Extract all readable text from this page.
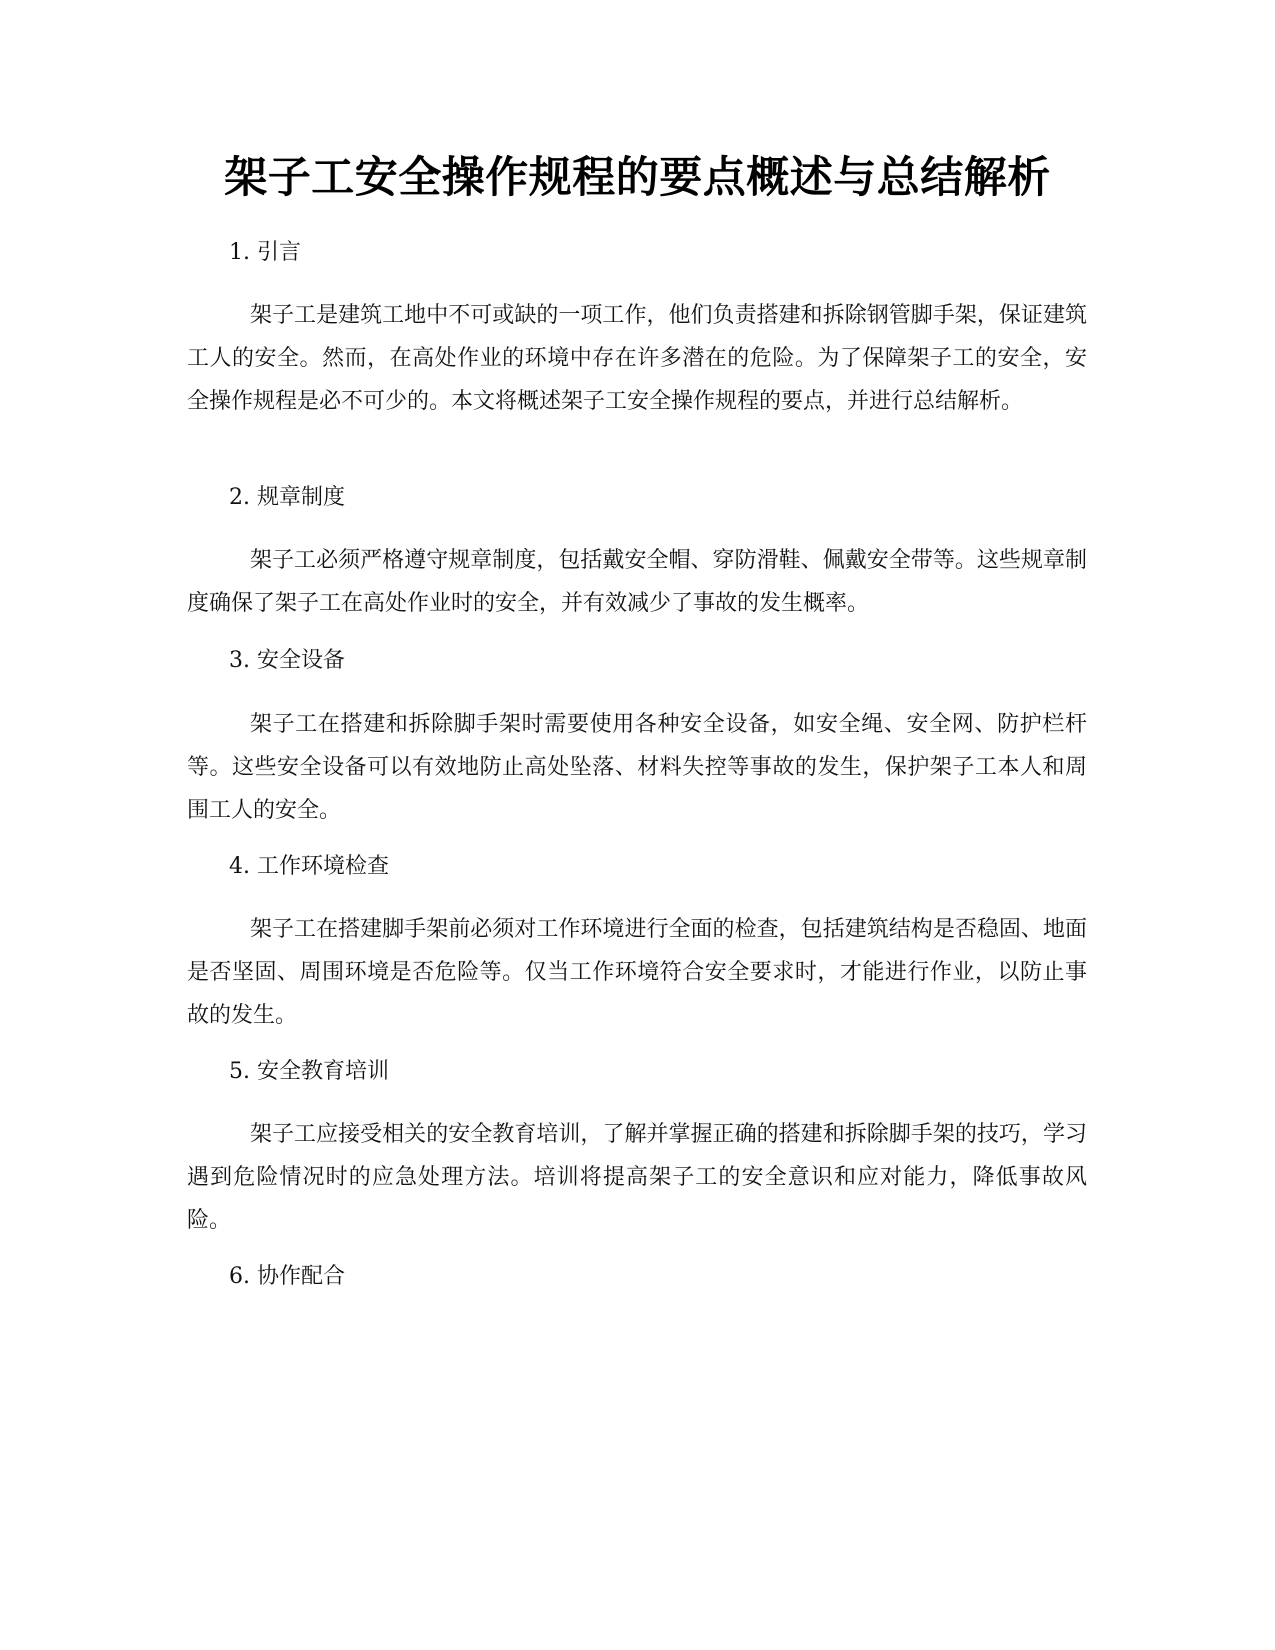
架子工安全操作规程的要点概述与总结解析
1. 引言
架子工是建筑工地中不可或缺的一项工作，他们负责搭建和拆除钢管脚手架，保证建筑工人的安全。然而，在高处作业的环境中存在许多潜在的危险。为了保障架子工的安全，安全操作规程是必不可少的。本文将概述架子工安全操作规程的要点，并进行总结解析。
2. 规章制度
架子工必须严格遵守规章制度，包括戴安全帽、穿防滑鞋、佩戴安全带等。这些规章制度确保了架子工在高处作业时的安全，并有效减少了事故的发生概率。
3. 安全设备
架子工在搭建和拆除脚手架时需要使用各种安全设备，如安全绳、安全网、防护栏杆等。这些安全设备可以有效地防止高处坠落、材料失控等事故的发生，保护架子工本人和周围工人的安全。
4. 工作环境检查
架子工在搭建脚手架前必须对工作环境进行全面的检查，包括建筑结构是否稳固、地面是否坚固、周围环境是否危险等。仅当工作环境符合安全要求时，才能进行作业，以防止事故的发生。
5. 安全教育培训
架子工应接受相关的安全教育培训，了解并掌握正确的搭建和拆除脚手架的技巧，学习遇到危险情况时的应急处理方法。培训将提高架子工的安全意识和应对能力，降低事故风险。
6. 协作配合
